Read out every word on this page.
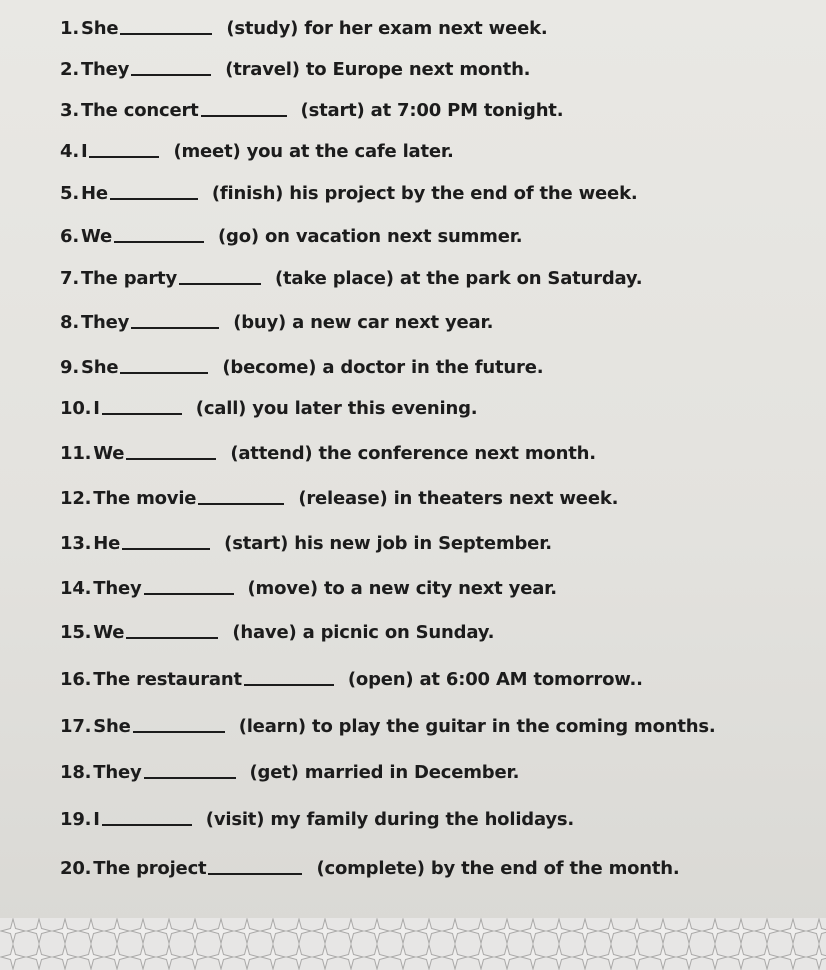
1. She	(study)
for her exam next week.
2. They	(travel)
to Europe next month.
3. The concert	(start)
at 7:00 PM tonight.
4. I	(meet)
you at the cafe later.
5. He	(finish)
his project by the end of the week.
6. We	(go)
on vacation next summer.
7. The party	(take place)
at the park on Saturday.
8. They	(buy)
a new car next year.
9. She	(become)
a doctor in the future.
10. I	(call)
you later this evening.
11. We	(attend)
the conference next month.
12. The movie	(release)
in theaters next week.
13. He	(start)
his new job in September.
14. They	(move)
to a new city next year.
15. We	(have)
a picnic on Sunday.
16. The restaurant	(open)
at 6:00 AM tomorrow..
17. She	(learn)
to play the guitar in the coming months.
18. They	(get)
married in December.
19. I	(visit)
my family during the holidays.
20. The project	(complete)
by the end of the month.
